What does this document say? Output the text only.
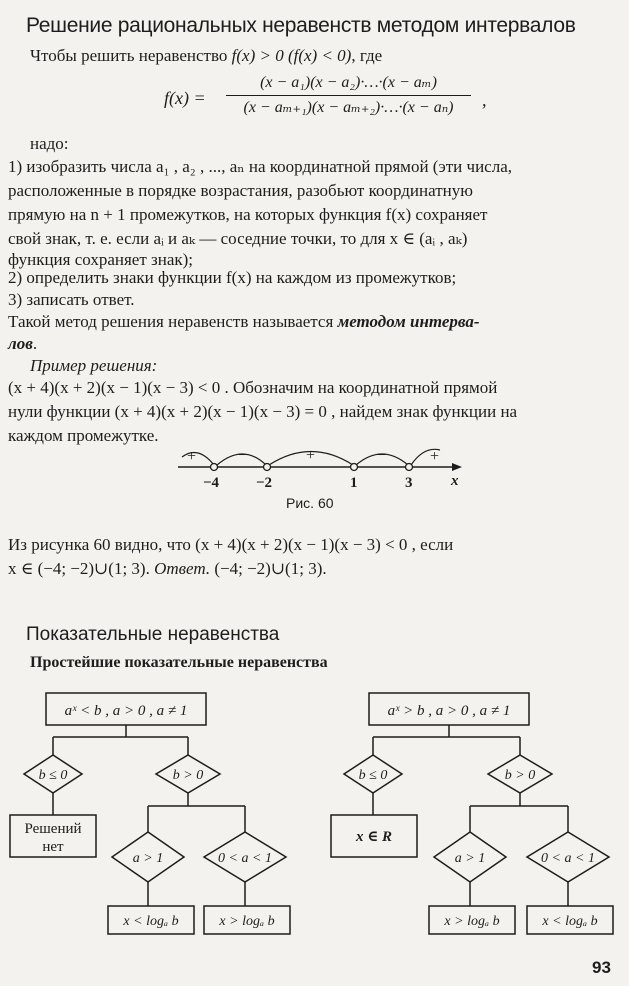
Решение рациональных неравенств методом интервалов
Чтобы решить неравенство f(x) > 0 (f(x) < 0), где
$f(x) = \frac{\text{(x − a₁)(x − a₂)·…·(x − aₘ)}}{\text{(x − aₘ₊₁)(x − aₘ₊₂)·…·(x − aₙ)}}$ ,
надо:
1) изобразить числа a₁ , a₂ , ..., aₙ на координатной прямой (эти числа,
расположенные в порядке возрастания, разобьют координатную
прямую на n + 1 промежутков, на которых функция f(x) сохраняет
свой знак, т. е. если aᵢ и aₖ — соседние точки, то для x ∈ (aᵢ , aₖ)
функция сохраняет знак);
2) определить знаки функции f(x) на каждом из промежутков;
3) записать ответ.
Такой метод решения неравенств называется методом интерва-
лов.
Пример решения:
(x + 4)(x + 2)(x − 1)(x − 3) < 0 . Обозначим на координатной прямой
нули функции (x + 4)(x + 2)(x − 1)(x − 3) = 0 , найдем знак функции на
каждом промежутке.
+	−	+	−	+
−4 −2	1	3	x
aˣ < b , a > 0 , a ≠ 1
b ≤ 0	b > 0
Решений
нет
a > 1	0 < a < 1
x < logₐ b	x > logₐ b
aˣ > b , a > 0 , a ≠ 1
b ≤ 0	b > 0
x ∈ R
a > 1	0 < a < 1
x > logₐ b	x < logₐ b
Рис. 60
Из рисунка 60 видно, что (x + 4)(x + 2)(x − 1)(x − 3) < 0 , если
x ∈ (−4; −2)∪(1; 3). Ответ. (−4; −2)∪(1; 3).
Показательные неравенства
Простейшие показательные неравенства
93
